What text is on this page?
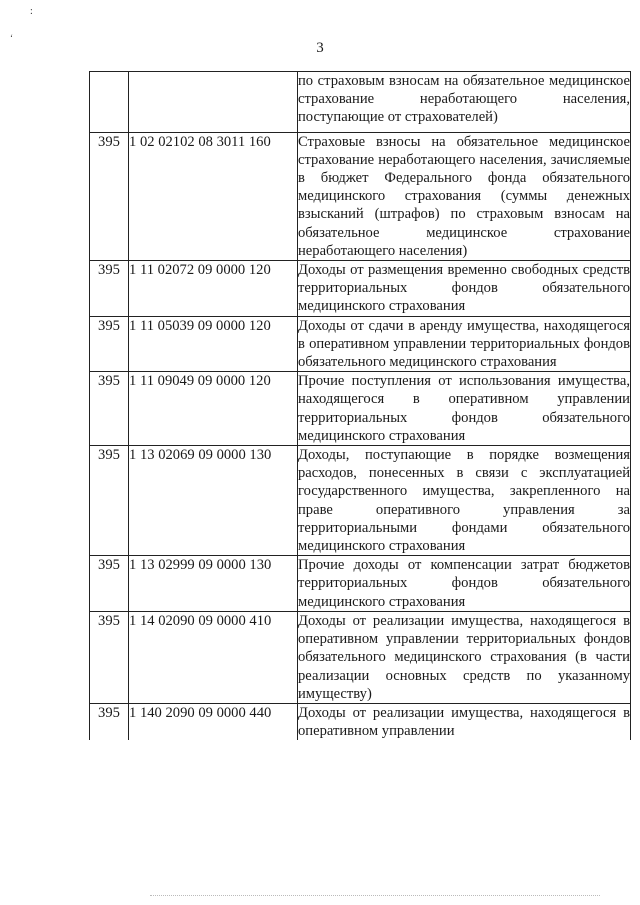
:
‘
3
		по страховым взносам на обязательное медицинское страхование неработающего населения, поступающие от страхователей)
395	1 02 02102 08 3011 160	Страховые взносы на обязательное медицинское страхование неработающего населения, зачисляемые в бюджет Федерального фонда обязательного медицинского страхования (суммы денежных взысканий (штрафов) по страховым взносам на обязательное медицинское страхование неработающего населения)
395	1 11 02072 09 0000 120	Доходы от размещения временно свободных средств территориальных фондов обязательного медицинского страхования
395	1 11 05039 09 0000 120	Доходы от сдачи в аренду имущества, находящегося в оперативном управлении территориальных фондов обязательного медицинского страхования
395	1 11 09049 09 0000 120	Прочие поступления от использования имущества, находящегося в оперативном управлении территориальных фондов обязательного медицинского страхования
395	1 13 02069 09 0000 130	Доходы, поступающие в порядке возмещения расходов, понесенных в связи с эксплуатацией государственного имущества, закрепленного на праве оперативного управления за территориальными фондами обязательного медицинского страхования
395	1 13 02999 09 0000 130	Прочие доходы от компенсации затрат бюджетов территориальных фондов обязательного медицинского страхования
395	1 14 02090 09 0000 410	Доходы от реализации имущества, находящегося в оперативном управлении территориальных фондов обязательного медицинского страхования (в части реализации основных средств по указанному имуществу)
395	1 140 2090 09 0000 440	Доходы от реализации имущества, находящегося в оперативном управлении
